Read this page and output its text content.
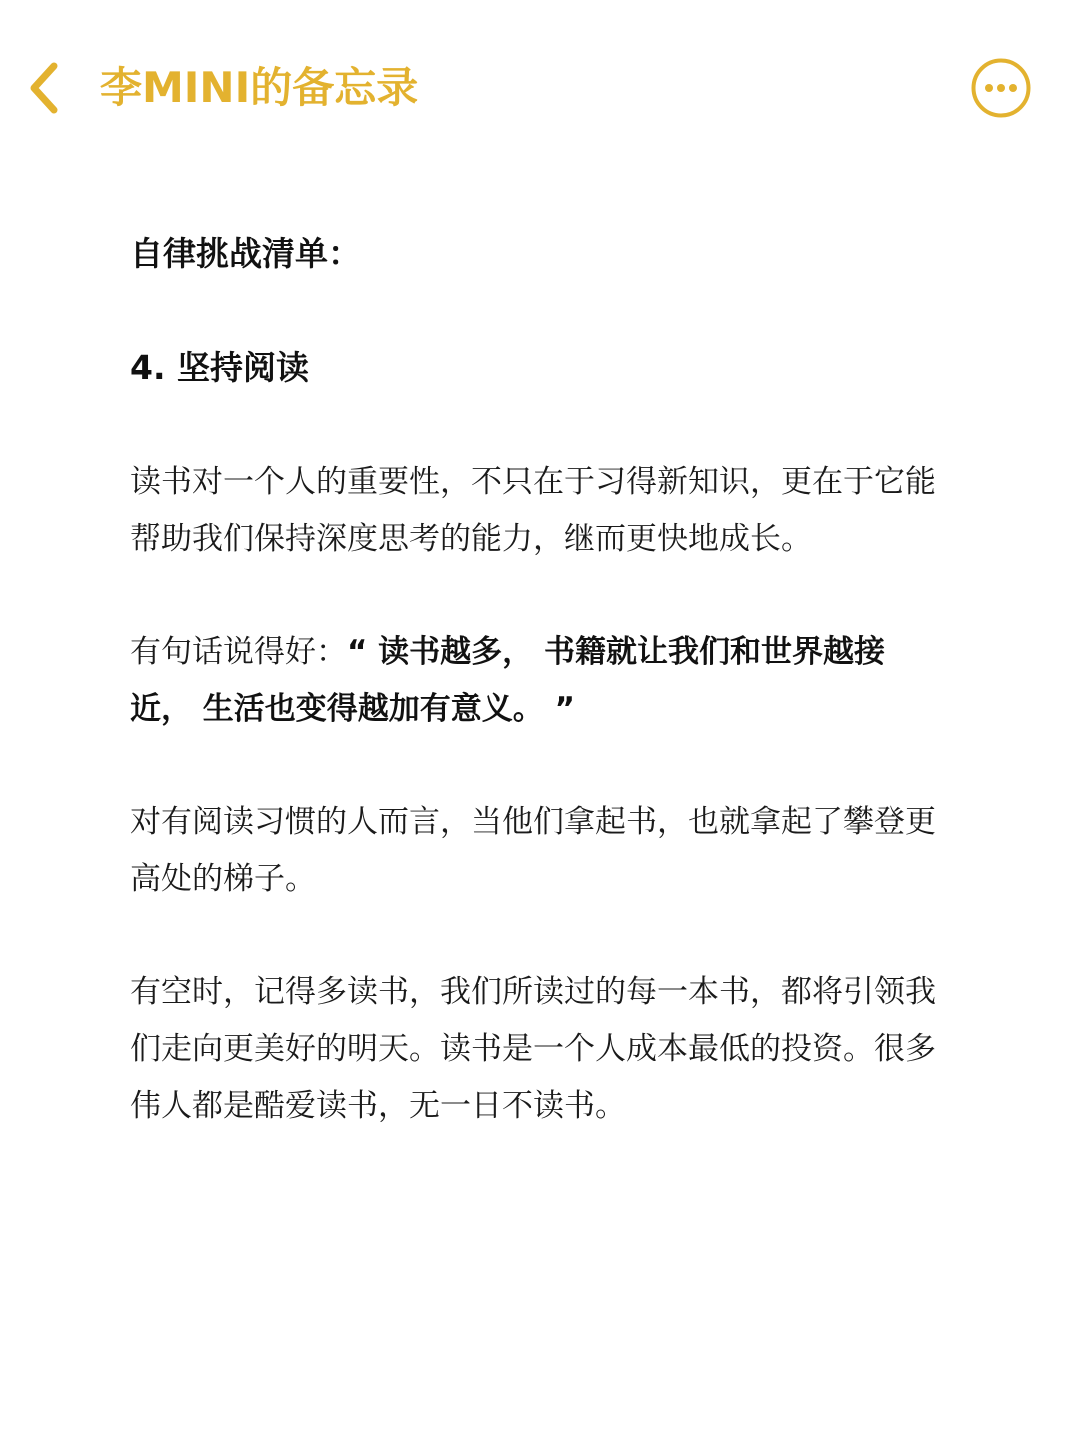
李MINI的备忘录
自律挑战清单：
4. 坚持阅读
读书对一个人的重要性，不只在于习得新知识，更在于它能
帮助我们保持深度思考的能力，继而更快地成长。
有句话说得好：“ 读书越多， 书籍就让我们和世界越接
近， 生活也变得越加有意义。 ”
对有阅读习惯的人而言，当他们拿起书，也就拿起了攀登更
高处的梯子。
有空时，记得多读书，我们所读过的每一本书，都将引领我
们走向更美好的明天。读书是一个人成本最低的投资。很多
伟人都是酷爱读书，无一日不读书。
